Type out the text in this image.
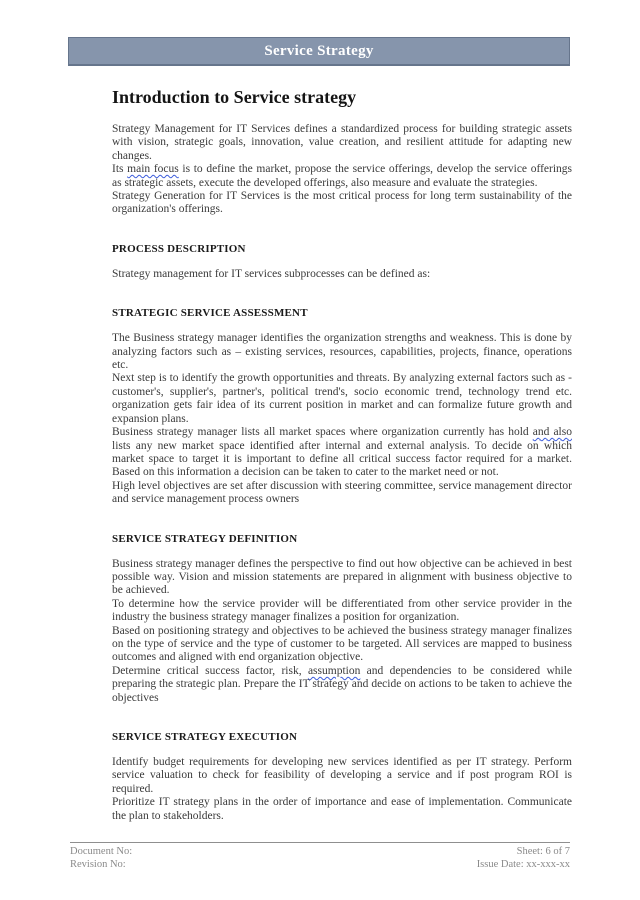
Service Strategy
Introduction to Service strategy

Strategy Management for IT Services defines a standardized process for building strategic assets with vision, strategic goals, innovation, value creation, and resilient attitude for adapting new changes.

Its main focus is to define the market, propose the service offerings, develop the service offerings as strategic assets, execute the developed offerings, also measure and evaluate the strategies.

Strategy Generation for IT Services is the most critical process for long term sustainability of the organization's offerings.

PROCESS DESCRIPTION

Strategy management for IT services subprocesses can be defined as:

STRATEGIC SERVICE ASSESSMENT

The Business strategy manager identifies the organization strengths and weakness. This is done by analyzing factors such as – existing services, resources, capabilities, projects, finance, operations etc.

Next step is to identify the growth opportunities and threats. By analyzing external factors such as - customer's, supplier's, partner's, political trend's, socio economic trend, technology trend etc. organization gets fair idea of its current position in market and can formalize future growth and expansion plans.

Business strategy manager lists all market spaces where organization currently has hold and also lists any new market space identified after internal and external analysis. To decide on which market space to target it is important to define all critical success factor required for a market. Based on this information a decision can be taken to cater to the market need or not.

High level objectives are set after discussion with steering committee, service management director and service management process owners

SERVICE STRATEGY DEFINITION

Business strategy manager defines the perspective to find out how objective can be achieved in best possible way. Vision and mission statements are prepared in alignment with business objective to be achieved.

To determine how the service provider will be differentiated from other service provider in the industry the business strategy manager finalizes a position for organization.

Based on positioning strategy and objectives to be achieved the business strategy manager finalizes on the type of service and the type of customer to be targeted. All services are mapped to business outcomes and aligned with end organization objective.

Determine critical success factor, risk, assumption and dependencies to be considered while preparing the strategic plan. Prepare the IT strategy and decide on actions to be taken to achieve the objectives

SERVICE STRATEGY EXECUTION

Identify budget requirements for developing new services identified as per IT strategy. Perform service valuation to check for feasibility of developing a service and if post program ROI is required.

Prioritize IT strategy plans in the order of importance and ease of implementation. Communicate the plan to stakeholders.

Document No:
Revision No:
Sheet: 6 of 7
Issue Date: xx-xxx-xx
